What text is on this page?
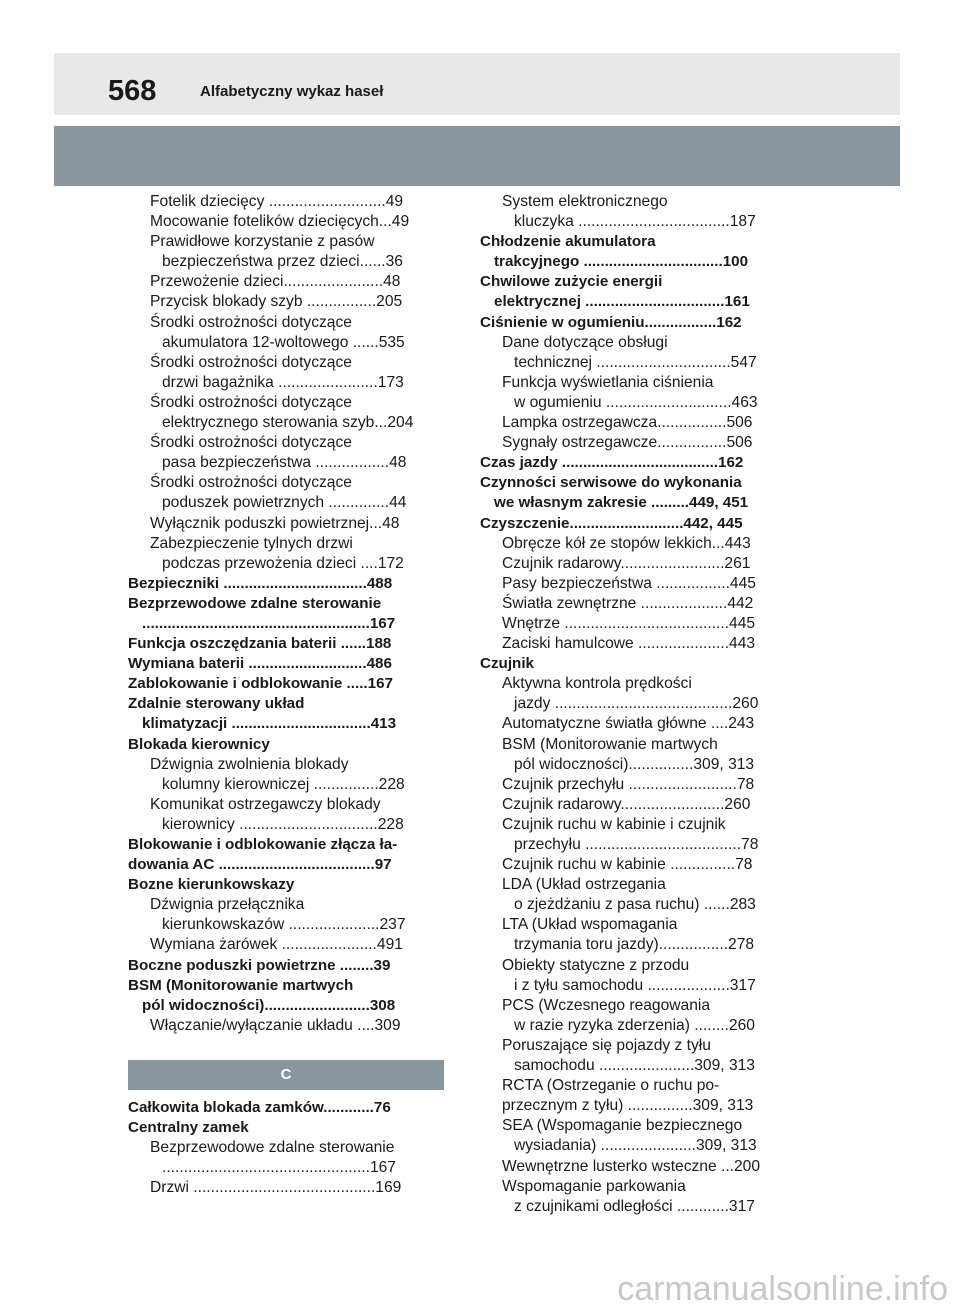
568	Alfabetyczny wykaz haseł
Fotelik dziecięcy ...........................49
Mocowanie fotelików dziecięcych...49
Prawidłowe korzystanie z pasów
bezpieczeństwa przez dzieci......36
Przewożenie dzieci.......................48
Przycisk blokady szyb ................205
Środki ostrożności dotyczące
akumulatora 12-woltowego ......535
Środki ostrożności dotyczące
drzwi bagażnika .......................173
Środki ostrożności dotyczące
elektrycznego sterowania szyb...204
Środki ostrożności dotyczące
pasa bezpieczeństwa .................48
Środki ostrożności dotyczące
poduszek powietrznych ..............44
Wyłącznik poduszki powietrznej...48
Zabezpieczenie tylnych drzwi
podczas przewożenia dzieci ....172
Bezpieczniki ..................................488
Bezprzewodowe zdalne sterowanie
......................................................167
Funkcja oszczędzania baterii ......188
Wymiana baterii ............................486
Zablokowanie i odblokowanie .....167
Zdalnie sterowany układ
klimatyzacji .................................413
Blokada kierownicy
Dźwignia zwolnienia blokady
kolumny kierowniczej ...............228
Komunikat ostrzegawczy blokady
kierownicy ................................228
Blokowanie i odblokowanie złącza ła-
dowania AC .....................................97
Bozne kierunkowskazy
Dźwignia przełącznika
kierunkowskazów .....................237
Wymiana żarówek ......................491
Boczne poduszki powietrzne ........39
BSM (Monitorowanie martwych
pól widoczności).........................308
Włączanie/wyłączanie układu ....309
C
Całkowita blokada zamków............76
Centralny zamek
Bezprzewodowe zdalne sterowanie
................................................167
Drzwi ..........................................169
System elektronicznego
kluczyka ...................................187
Chłodzenie akumulatora
trakcyjnego .................................100
Chwilowe zużycie energii
elektrycznej .................................161
Ciśnienie w ogumieniu.................162
Dane dotyczące obsługi
technicznej ...............................547
Funkcja wyświetlania ciśnienia
w ogumieniu .............................463
Lampka ostrzegawcza................506
Sygnały ostrzegawcze................506
Czas jazdy .....................................162
Czynności serwisowe do wykonania
we własnym zakresie .........449, 451
Czyszczenie...........................442, 445
Obręcze kół ze stopów lekkich...443
Czujnik radarowy........................261
Pasy bezpieczeństwa .................445
Światła zewnętrzne ....................442
Wnętrze ......................................445
Zaciski hamulcowe .....................443
Czujnik
Aktywna kontrola prędkości
jazdy .........................................260
Automatyczne światła główne ....243
BSM (Monitorowanie martwych
pól widoczności)...............309, 313
Czujnik przechyłu .........................78
Czujnik radarowy........................260
Czujnik ruchu w kabinie i czujnik
przechyłu ....................................78
Czujnik ruchu w kabinie ...............78
LDA (Układ ostrzegania
o zjeżdżaniu z pasa ruchu) ......283
LTA (Układ wspomagania
trzymania toru jazdy)................278
Obiekty statyczne z przodu
i z tyłu samochodu ...................317
PCS (Wczesnego reagowania
w razie ryzyka zderzenia) ........260
Poruszające się pojazdy z tyłu
samochodu ......................309, 313
RCTA (Ostrzeganie o ruchu po-
przecznym z tyłu) ...............309, 313
SEA (Wspomaganie bezpiecznego
wysiadania) ......................309, 313
Wewnętrzne lusterko wsteczne ...200
Wspomaganie parkowania
z czujnikami odległości ............317
carmanualsonline.info
